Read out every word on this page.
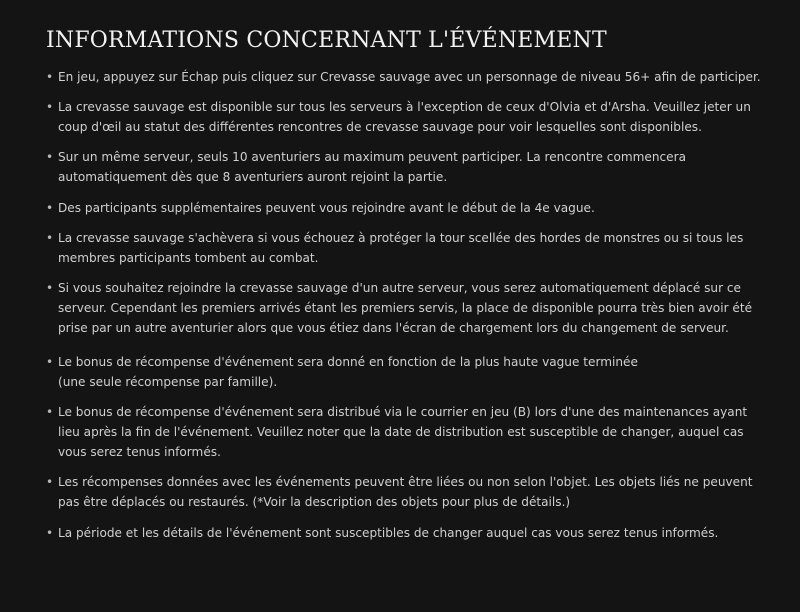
INFORMATIONS CONCERNANT L'ÉVÉNEMENT
• En jeu, appuyez sur Échap puis cliquez sur Crevasse sauvage avec un personnage de niveau 56+ afin de participer.
• La crevasse sauvage est disponible sur tous les serveurs à l'exception de ceux d'Olvia et d'Arsha. Veuillez jeter un
coup d'œil au statut des différentes rencontres de crevasse sauvage pour voir lesquelles sont disponibles.
• Sur un même serveur, seuls 10 aventuriers au maximum peuvent participer. La rencontre commencera
automatiquement dès que 8 aventuriers auront rejoint la partie.
• Des participants supplémentaires peuvent vous rejoindre avant le début de la 4e vague.
• La crevasse sauvage s'achèvera si vous échouez à protéger la tour scellée des hordes de monstres ou si tous les
membres participants tombent au combat.
• Si vous souhaitez rejoindre la crevasse sauvage d'un autre serveur, vous serez automatiquement déplacé sur ce
serveur. Cependant les premiers arrivés étant les premiers servis, la place de disponible pourra très bien avoir été
prise par un autre aventurier alors que vous étiez dans l'écran de chargement lors du changement de serveur.
• Le bonus de récompense d'événement sera donné en fonction de la plus haute vague terminée
(une seule récompense par famille).
• Le bonus de récompense d'événement sera distribué via le courrier en jeu (B) lors d'une des maintenances ayant
lieu après la fin de l'événement. Veuillez noter que la date de distribution est susceptible de changer, auquel cas
vous serez tenus informés.
• Les récompenses données avec les événements peuvent être liées ou non selon l'objet. Les objets liés ne peuvent
pas être déplacés ou restaurés. (*Voir la description des objets pour plus de détails.)
• La période et les détails de l'événement sont susceptibles de changer auquel cas vous serez tenus informés.
